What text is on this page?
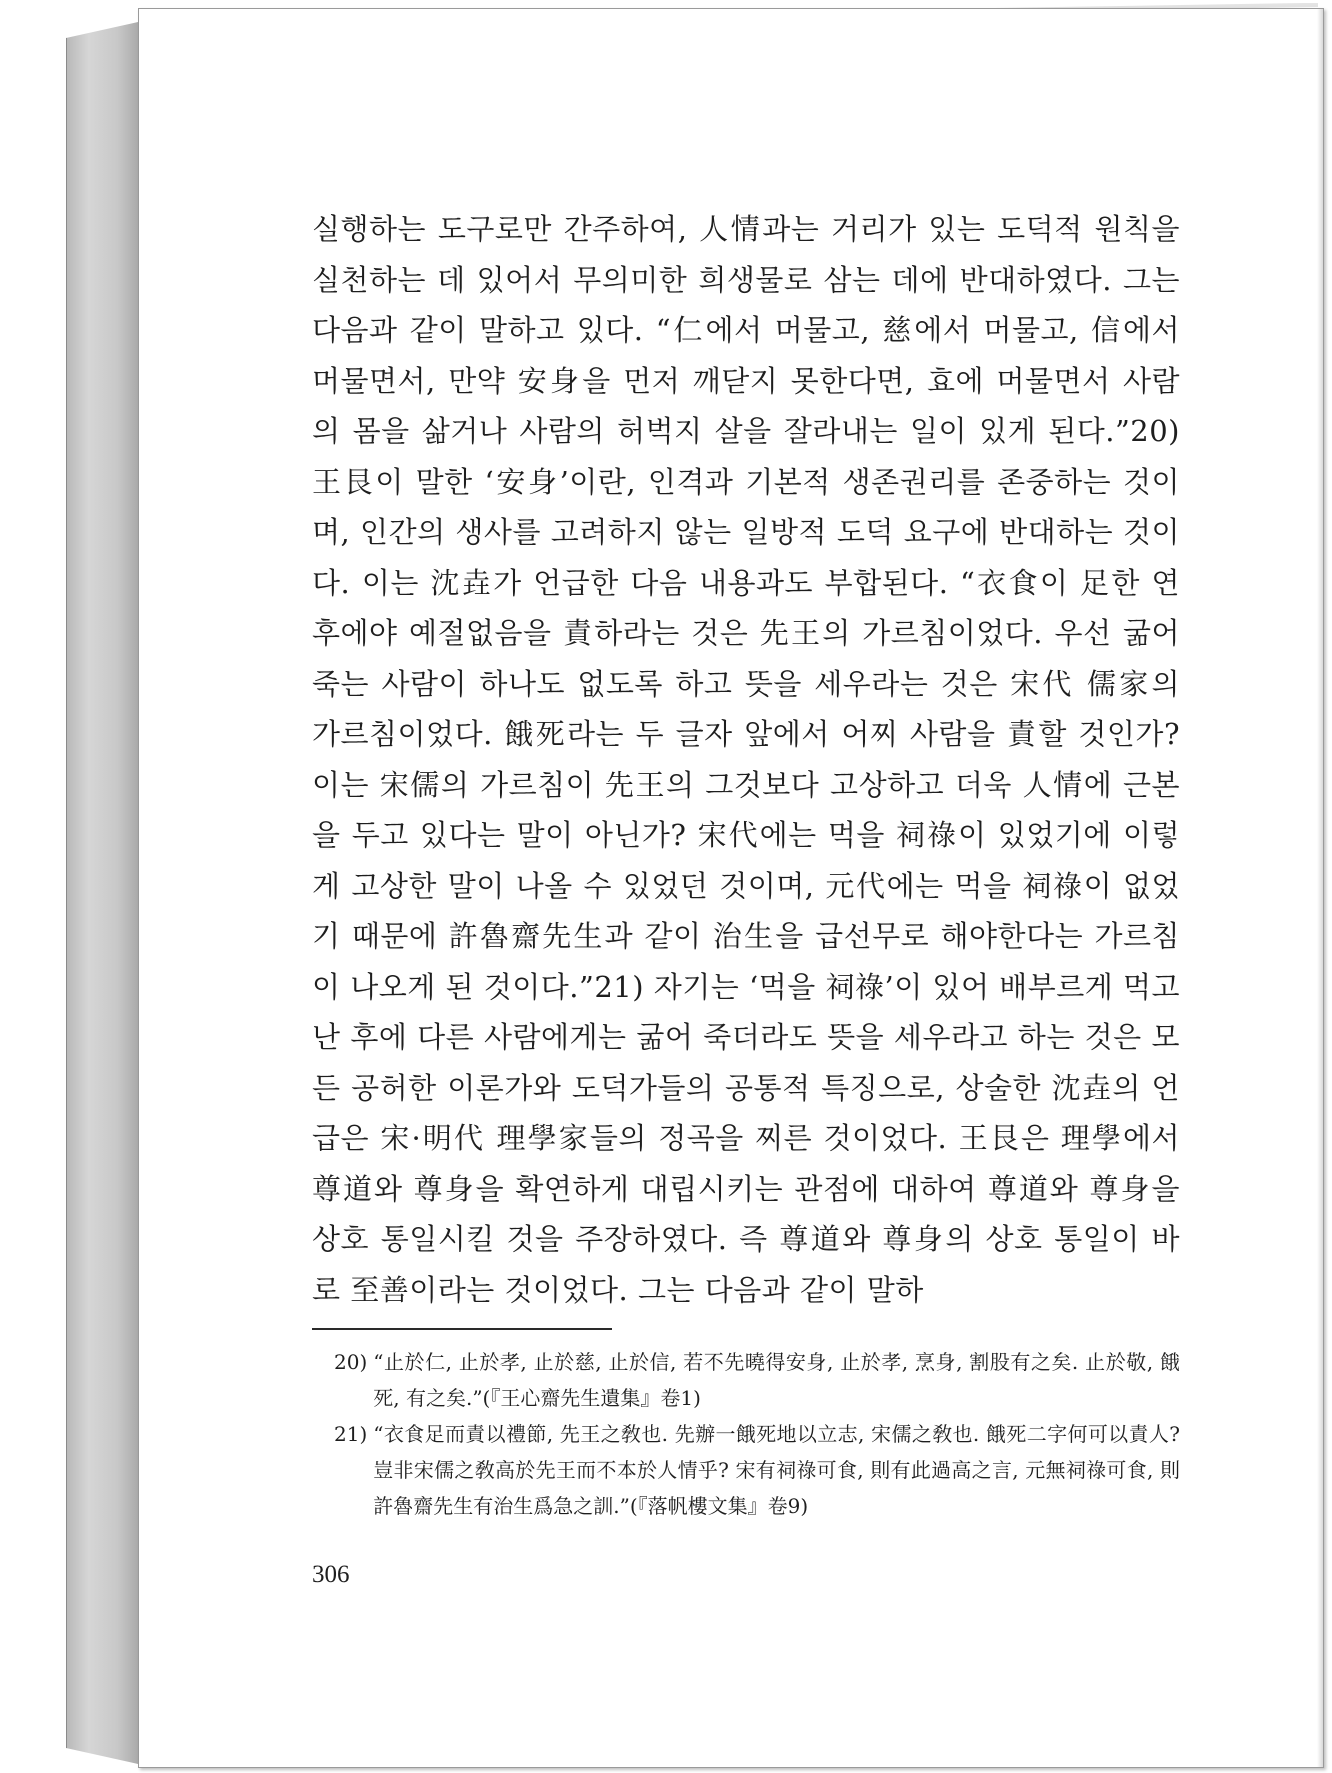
실행하는 도구로만 간주하여, 人情과는 거리가 있는 도덕적 원칙을 실천하는 데 있어서 무의미한 희생물로 삼는 데에 반대하였다. 그는 다음과 같이 말하고 있다. “仁에서 머물고, 慈에서 머물고, 信에서 머물면서, 만약 安身을 먼저 깨닫지 못한다면, 효에 머물면서 사람의 몸을 삶거나 사람의 허벅지 살을 잘라내는 일이 있게 된다.”20) 王艮이 말한 ‘安身’이란, 인격과 기본적 생존권리를 존중하는 것이며, 인간의 생사를 고려하지 않는 일방적 도덕 요구에 반대하는 것이다. 이는 沈垚가 언급한 다음 내용과도 부합된다. “衣食이 足한 연후에야 예절없음을 責하라는 것은 先王의 가르침이었다. 우선 굶어죽는 사람이 하나도 없도록 하고 뜻을 세우라는 것은 宋代 儒家의 가르침이었다. 餓死라는 두 글자 앞에서 어찌 사람을 責할 것인가? 이는 宋儒의 가르침이 先王의 그것보다 고상하고 더욱 人情에 근본을 두고 있다는 말이 아닌가? 宋代에는 먹을 祠祿이 있었기에 이렇게 고상한 말이 나올 수 있었던 것이며, 元代에는 먹을 祠祿이 없었기 때문에 許魯齋先生과 같이 治生을 급선무로 해야한다는 가르침이 나오게 된 것이다.”21) 자기는 ‘먹을 祠祿’이 있어 배부르게 먹고난 후에 다른 사람에게는 굶어 죽더라도 뜻을 세우라고 하는 것은 모든 공허한 이론가와 도덕가들의 공통적 특징으로, 상술한 沈垚의 언급은 宋·明代 理學家들의 정곡을 찌른 것이었다. 王艮은 理學에서 尊道와 尊身을 확연하게 대립시키는 관점에 대하여 尊道와 尊身을 상호 통일시킬 것을 주장하였다. 즉 尊道와 尊身의 상호 통일이 바로 至善이라는 것이었다. 그는 다음과 같이 말하

20) “止於仁, 止於孝, 止於慈, 止於信, 若不先曉得安身, 止於孝, 烹身, 割股有之矣. 止於敬, 餓死, 有之矣.”(『王心齋先生遺集』卷1)

21) “衣食足而責以禮節, 先王之敎也. 先辦一餓死地以立志, 宋儒之敎也. 餓死二字何可以責人? 豈非宋儒之敎高於先王而不本於人情乎? 宋有祠祿可食, 則有此過高之言, 元無祠祿可食, 則許魯齋先生有治生爲急之訓.”(『落帆樓文集』卷9)

306
